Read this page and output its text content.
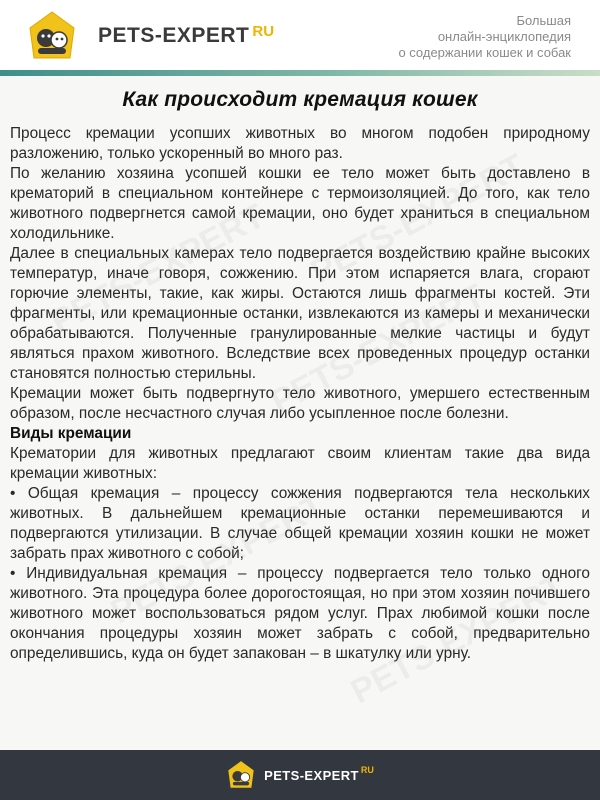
PETS-EXPERT RU
Большая
онлайн-энциклопедия
о содержании кошек и собак
Как происходит кремация кошек

Процесс кремации усопших животных во многом подобен природному разложению, только ускоренный во много раз.

По желанию хозяина усопшей кошки ее тело может быть доставлено в крематорий в специальном контейнере с термоизоляцией. До того, как тело животного подвергнется самой кремации, оно будет храниться в специальном холодильнике.

Далее в специальных камерах тело подвергается воздействию крайне высоких температур, иначе говоря, сожжению. При этом испаряется влага, сгорают горючие элементы, такие, как жиры. Остаются лишь фрагменты костей. Эти фрагменты, или кремационные останки, извлекаются из камеры и механически обрабатываются. Полученные гранулированные мелкие частицы и будут являться прахом животного. Вследствие всех проведенных процедур останки становятся полностью стерильны.

Кремации может быть подвергнуто тело животного, умершего естественным образом, после несчастного случая либо усыпленное после болезни.

Виды кремации

Крематории для животных предлагают своим клиентам такие два вида кремации животных:

• Общая кремация – процессу сожжения подвергаются тела нескольких животных. В дальнейшем кремационные останки перемешиваются и подвергаются утилизации. В случае общей кремации хозяин кошки не может забрать прах животного с собой;

• Индивидуальная кремация – процессу подвергается тело только одного животного. Эта процедура более дорогостоящая, но при этом хозяин почившего животного может воспользоваться рядом услуг. Прах любимой кошки после окончания процедуры хозяин может забрать с собой, предварительно определившись, куда он будет запакован – в шкатулку или урну.

PETS-EXPERT RU
